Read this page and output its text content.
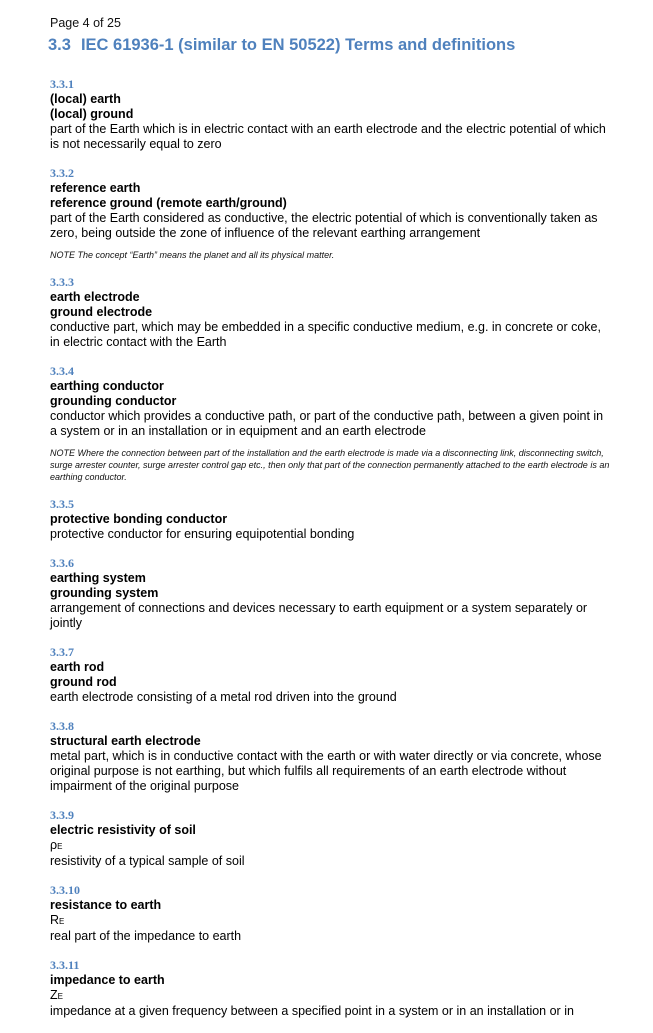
Page 4 of 25

3.3 IEC 61936-1 (similar to EN 50522) Terms and definitions

3.3.1

(local) earth

(local) ground

part of the Earth which is in electric contact with an earth electrode and the electric potential of which is not necessarily equal to zero

3.3.2

reference earth

reference ground (remote earth/ground)

part of the Earth considered as conductive, the electric potential of which is conventionally taken as zero, being outside the zone of influence of the relevant earthing arrangement

NOTE The concept “Earth” means the planet and all its physical matter.

3.3.3

earth electrode

ground electrode

conductive part, which may be embedded in a specific conductive medium, e.g. in concrete or coke, in electric contact with the Earth

3.3.4

earthing conductor

grounding conductor

conductor which provides a conductive path, or part of the conductive path, between a given point in a system or in an installation or in equipment and an earth electrode

NOTE Where the connection between part of the installation and the earth electrode is made via a disconnecting link, disconnecting switch, surge arrester counter, surge arrester control gap etc., then only that part of the connection permanently attached to the earth electrode is an earthing conductor.

3.3.5

protective bonding conductor

protective conductor for ensuring equipotential bonding

3.3.6

earthing system

grounding system

arrangement of connections and devices necessary to earth equipment or a system separately or jointly

3.3.7

earth rod

ground rod

earth electrode consisting of a metal rod driven into the ground

3.3.8

structural earth electrode

metal part, which is in conductive contact with the earth or with water directly or via concrete, whose original purpose is not earthing, but which fulfils all requirements of an earth electrode without impairment of the original purpose

3.3.9

electric resistivity of soil

ρE

resistivity of a typical sample of soil

3.3.10

resistance to earth

RE

real part of the impedance to earth

3.3.11

impedance to earth

ZE

impedance at a given frequency between a specified point in a system or in an installation or in
